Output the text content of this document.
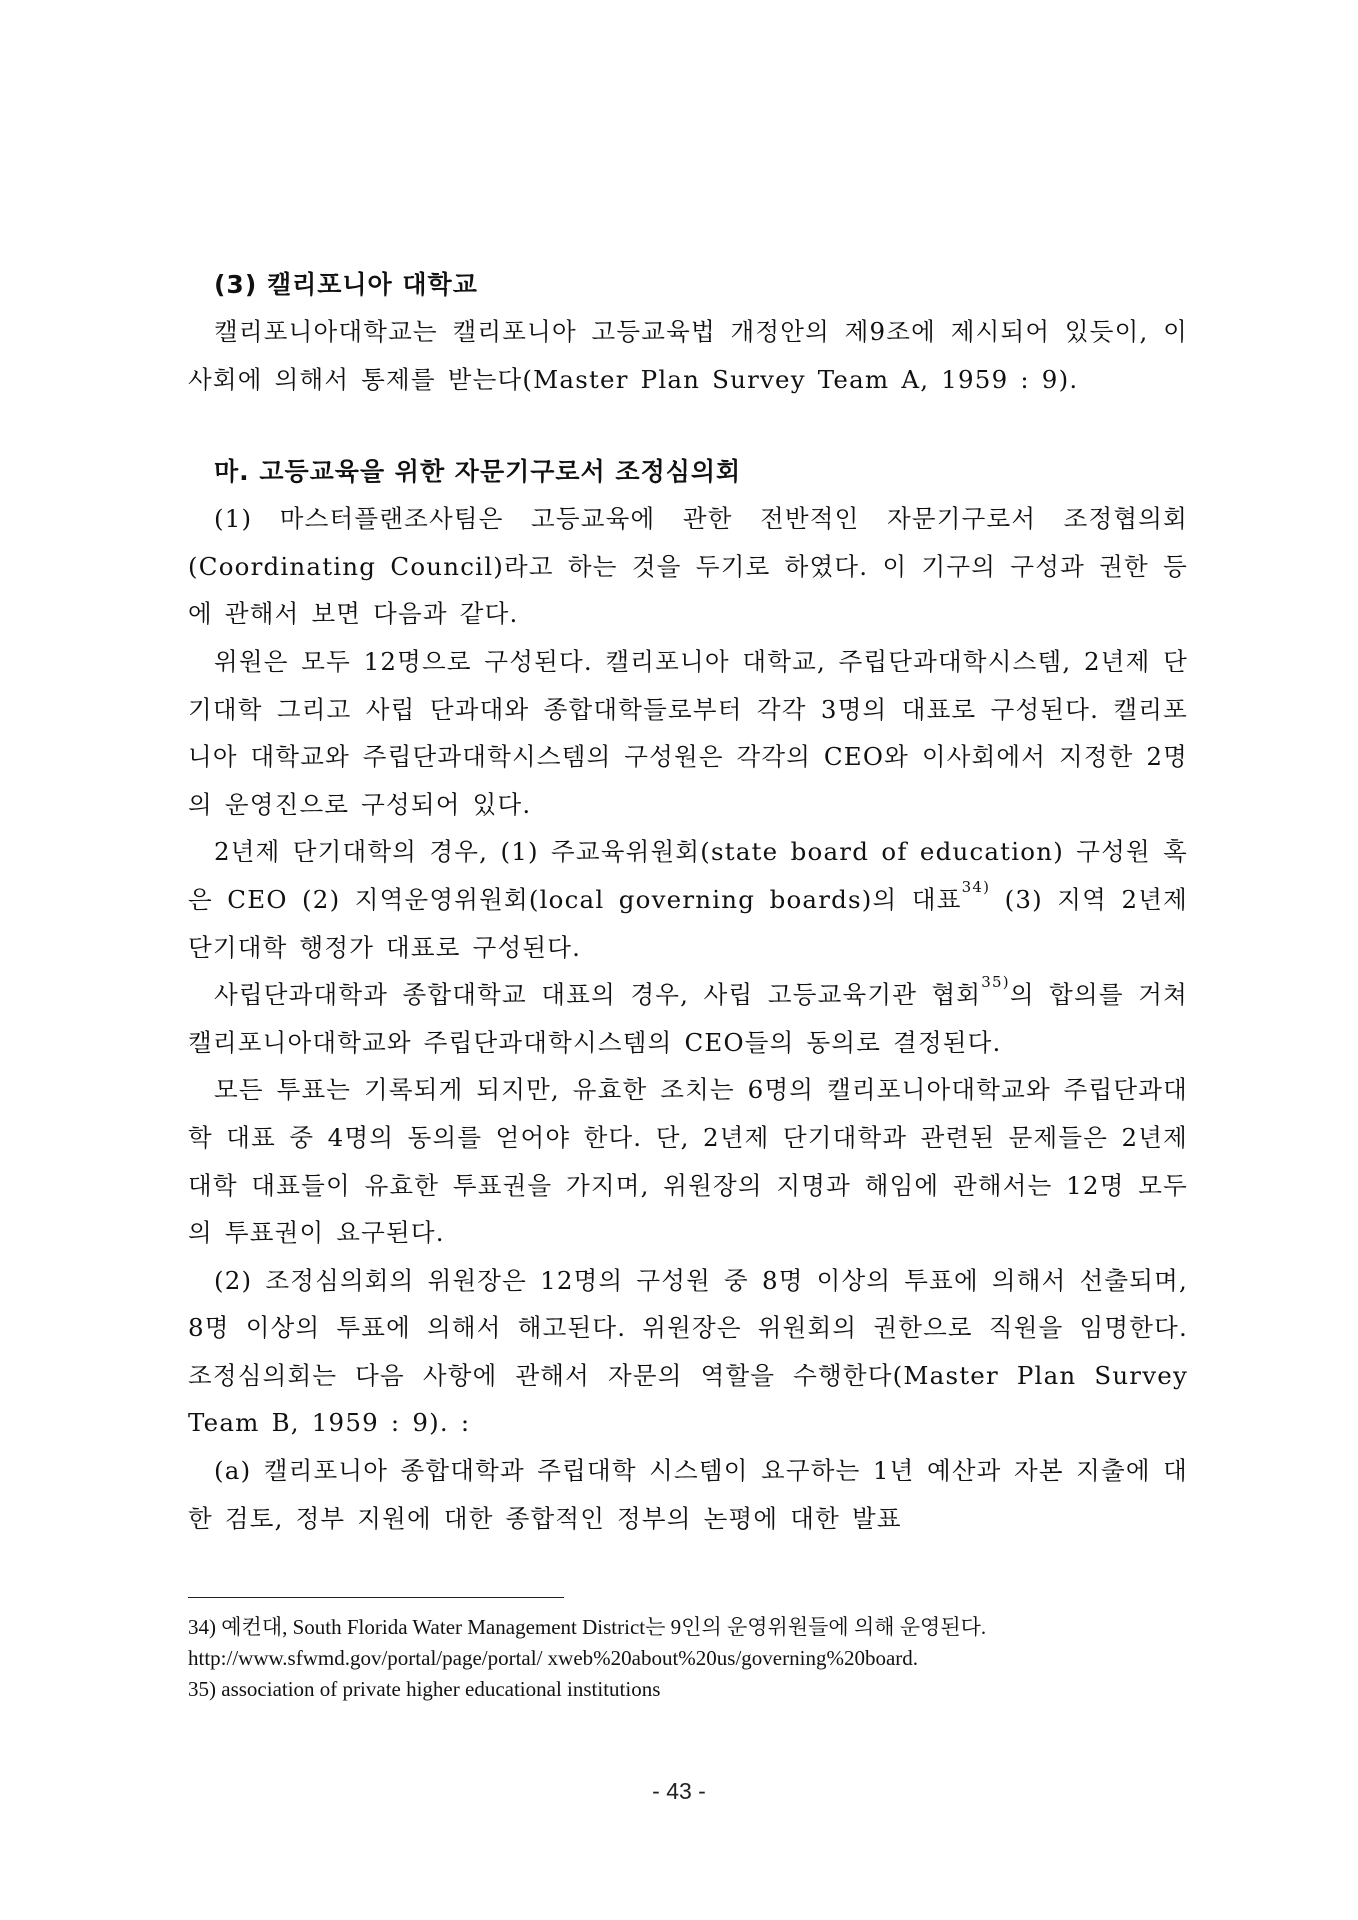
(3) 캘리포니아 대학교

캘리포니아대학교는 캘리포니아 고등교육법 개정안의 제9조에 제시되어 있듯이, 이사회에 의해서 통제를 받는다(Master Plan Survey Team A, 1959 : 9).

마. 고등교육을 위한 자문기구로서 조정심의회

(1) 마스터플랜조사팀은 고등교육에 관한 전반적인 자문기구로서 조정협의회(Coordinating Council)라고 하는 것을 두기로 하였다. 이 기구의 구성과 권한 등에 관해서 보면 다음과 같다.

위원은 모두 12명으로 구성된다. 캘리포니아 대학교, 주립단과대학시스템, 2년제 단기대학 그리고 사립 단과대와 종합대학들로부터 각각 3명의 대표로 구성된다. 캘리포니아 대학교와 주립단과대학시스템의 구성원은 각각의 CEO와 이사회에서 지정한 2명의 운영진으로 구성되어 있다.

2년제 단기대학의 경우, (1) 주교육위원회(state board of education) 구성원 혹은 CEO (2) 지역운영위원회(local governing boards)의 대표$^{34)}$ (3) 지역 2년제 단기대학 행정가 대표로 구성된다.

사립단과대학과 종합대학교 대표의 경우, 사립 고등교육기관 협회$^{35)}$의 합의를 거쳐 캘리포니아대학교와 주립단과대학시스템의 CEO들의 동의로 결정된다.

모든 투표는 기록되게 되지만, 유효한 조치는 6명의 캘리포니아대학교와 주립단과대학 대표 중 4명의 동의를 얻어야 한다. 단, 2년제 단기대학과 관련된 문제들은 2년제 대학 대표들이 유효한 투표권을 가지며, 위원장의 지명과 해임에 관해서는 12명 모두의 투표권이 요구된다.

(2) 조정심의회의 위원장은 12명의 구성원 중 8명 이상의 투표에 의해서 선출되며, 8명 이상의 투표에 의해서 해고된다. 위원장은 위원회의 권한으로 직원을 임명한다. 조정심의회는 다음 사항에 관해서 자문의 역할을 수행한다(Master Plan Survey Team B, 1959 : 9). :

(a) 캘리포니아 종합대학과 주립대학 시스템이 요구하는 1년 예산과 자본 지출에 대한 검토, 정부 지원에 대한 종합적인 정부의 논평에 대한 발표

34) 예컨대, South Florida Water Management District는 9인의 운영위원들에 의해 운영된다.
http://www.sfwmd.gov/portal/page/portal/ xweb%20about%20us/governing%20board.

35) association of private higher educational institutions

- 43 -
